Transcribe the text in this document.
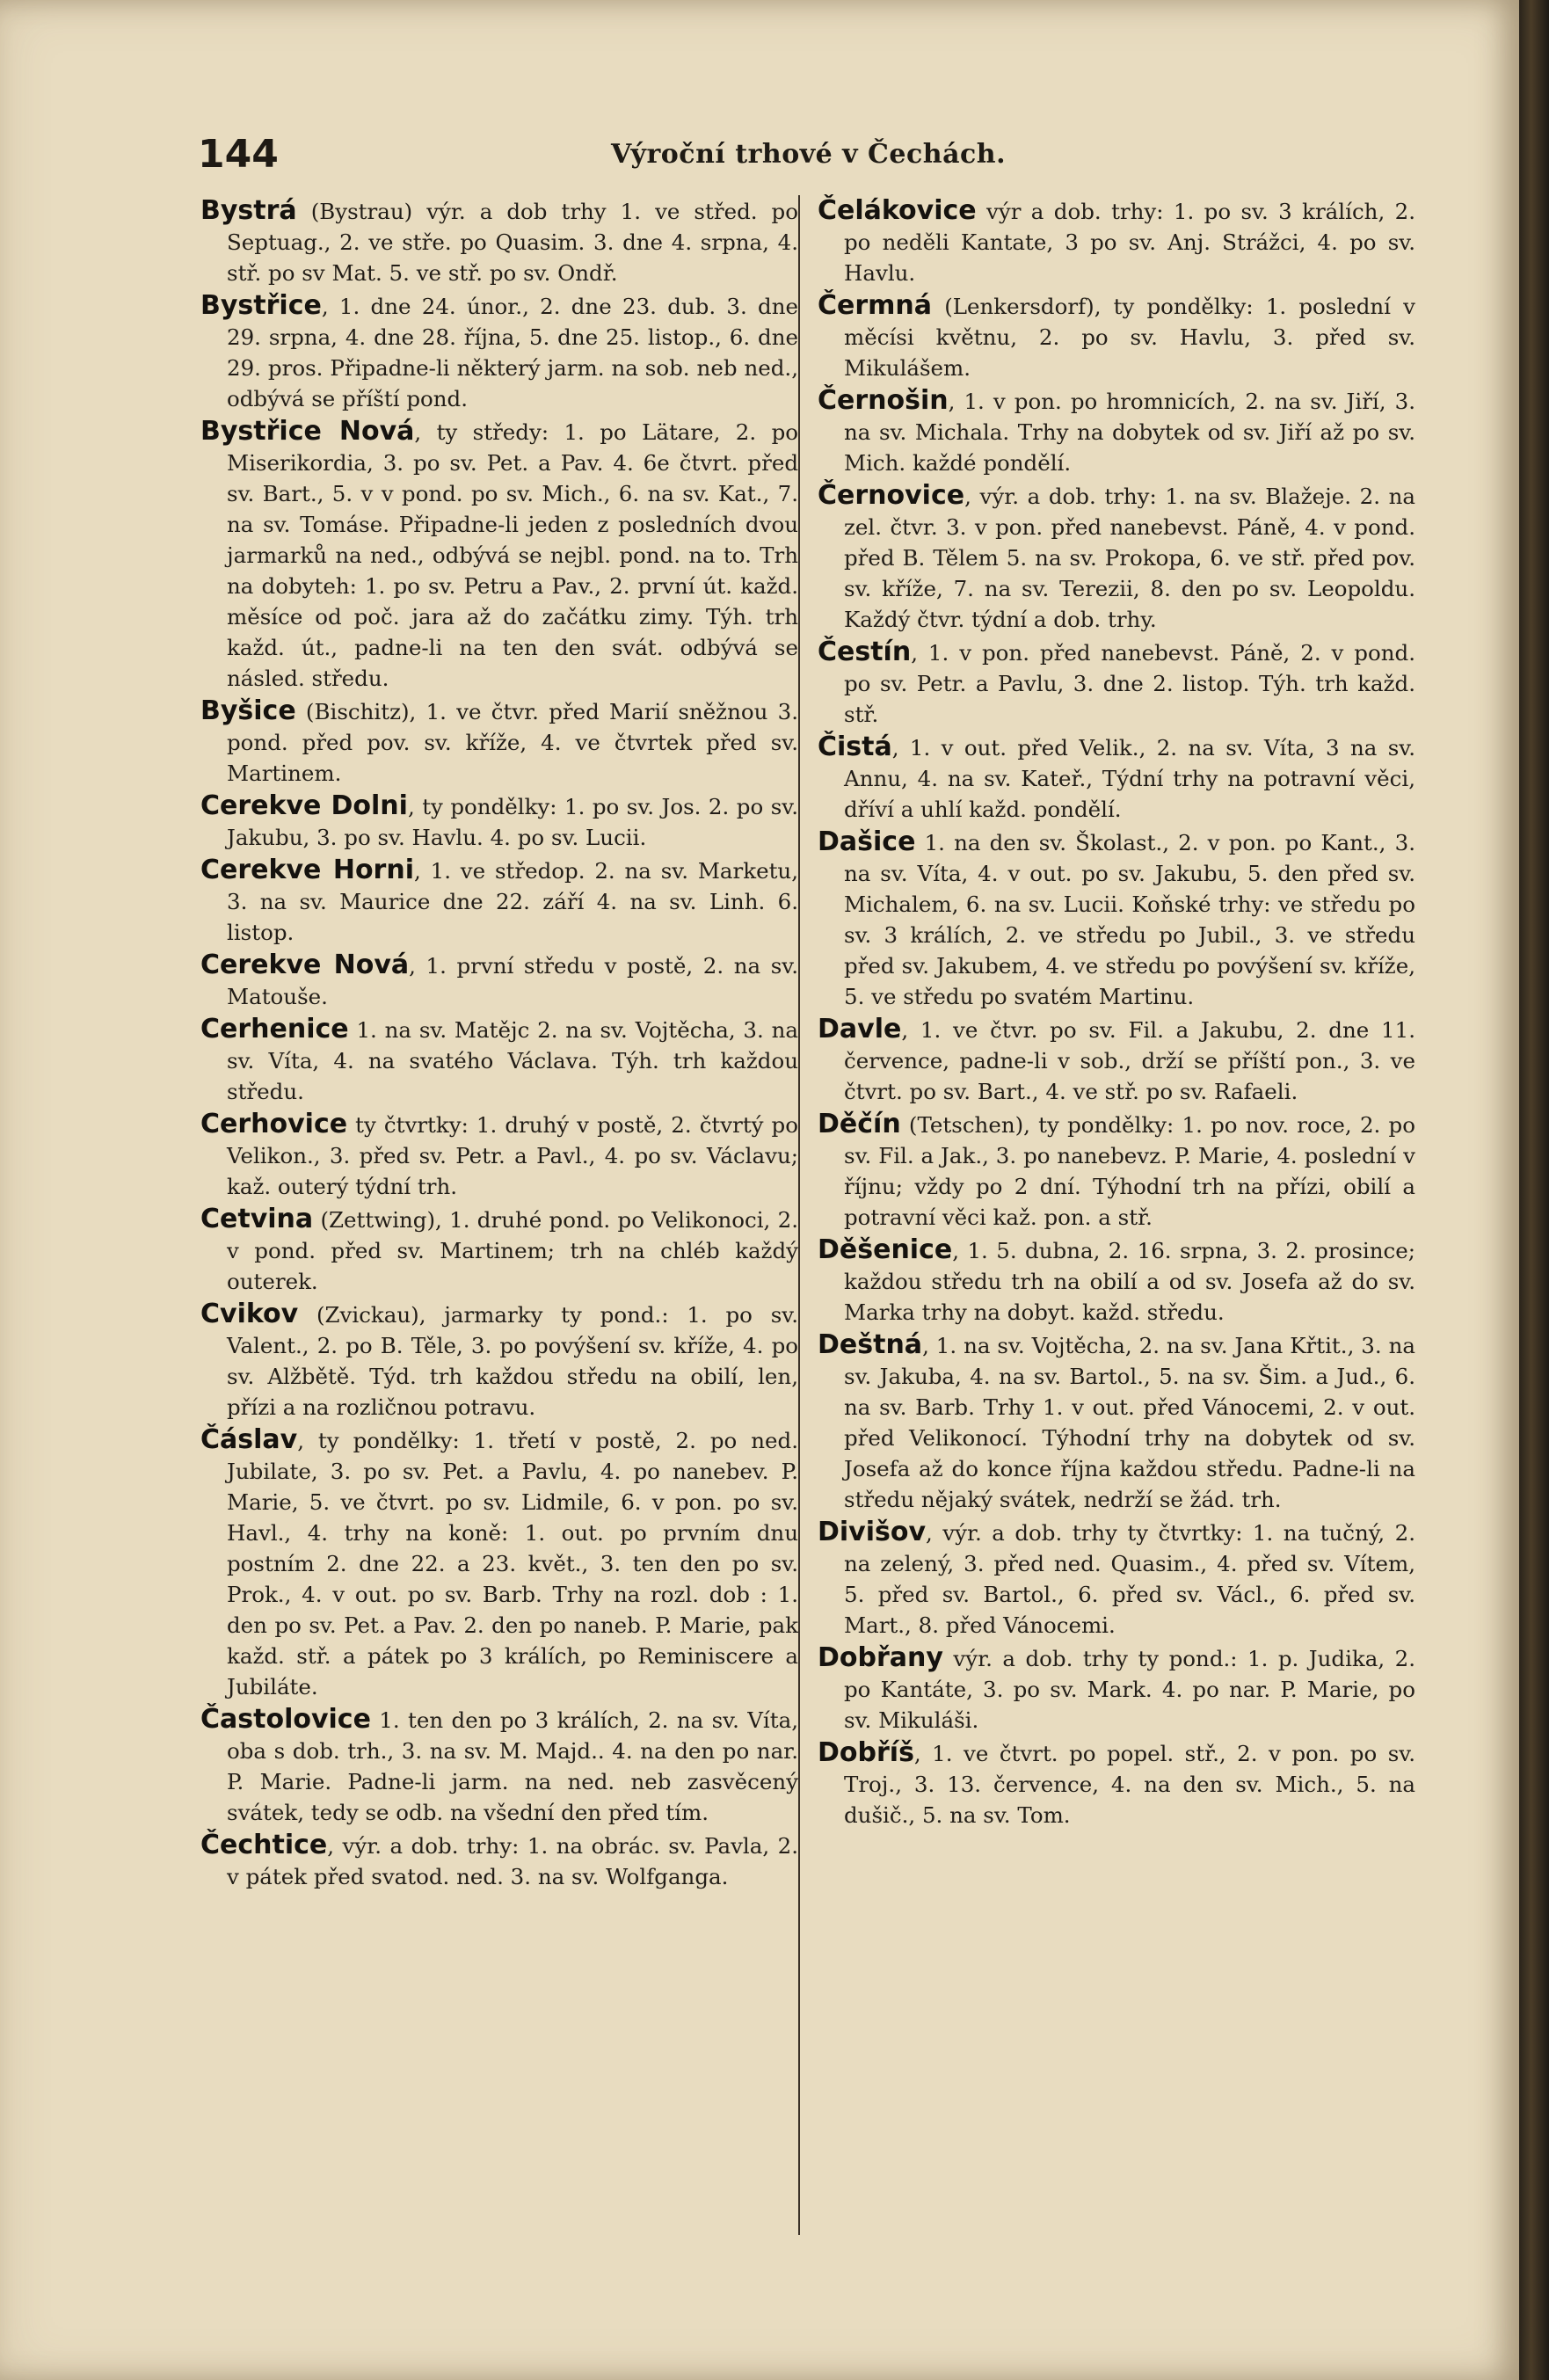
144	Výroční trhové v Čechách.

Bystrá (Bystrau) výr. a dob trhy 1. ve střed. po Septuag., 2. ve stře. po Quasim. 3. dne 4. srpna, 4. stř. po sv Mat. 5. ve stř. po sv. Ondř.

Bystřice, 1. dne 24. únor., 2. dne 23. dub. 3. dne 29. srpna, 4. dne 28. října, 5. dne 25. listop., 6. dne 29. pros. Připadne-li některý jarm. na sob. neb ned., odbývá se příští pond.

Bystřice Nová, ty středy: 1. po Lätare, 2. po Miserikordia, 3. po sv. Pet. a Pav. 4. 6e čtvrt. před sv. Bart., 5. v v pond. po sv. Mich., 6. na sv. Kat., 7. na sv. Tomáse. Připadne-li jeden z posledních dvou jarmarků na ned., odbývá se nejbl. pond. na to. Trh na dobyteh: 1. po sv. Petru a Pav., 2. první út. každ. měsíce od poč. jara až do začátku zimy. Týh. trh každ. út., padne-li na ten den svát. odbývá se násled. středu.

Byšice (Bischitz), 1. ve čtvr. před Marií sněžnou 3. pond. před pov. sv. kříže, 4. ve čtvrtek před sv. Martinem.

Cerekve Dolni, ty pondělky: 1. po sv. Jos. 2. po sv. Jakubu, 3. po sv. Havlu. 4. po sv. Lucii.

Cerekve Horni, 1. ve středop. 2. na sv. Marketu, 3. na sv. Maurice dne 22. září 4. na sv. Linh. 6. listop.

Cerekve Nová, 1. první středu v postě, 2. na sv. Matouše.

Cerhenice 1. na sv. Matějc 2. na sv. Vojtěcha, 3. na sv. Víta, 4. na svatého Václava. Týh. trh každou středu.

Cerhovice ty čtvrtky: 1. druhý v postě, 2. čtvrtý po Velikon., 3. před sv. Petr. a Pavl., 4. po sv. Václavu; kaž. outerý týdní trh.

Cetvina (Zettwing), 1. druhé pond. po Velikonoci, 2. v pond. před sv. Martinem; trh na chléb každý outerek.

Cvikov (Zvickau), jarmarky ty pond.: 1. po sv. Valent., 2. po B. Těle, 3. po povýšení sv. kříže, 4. po sv. Alžbětě. Týd. trh každou středu na obilí, len, přízi a na rozličnou potravu.

Čáslav, ty pondělky: 1. třetí v postě, 2. po ned. Jubilate, 3. po sv. Pet. a Pavlu, 4. po nanebev. P. Marie, 5. ve čtvrt. po sv. Lidmile, 6. v pon. po sv. Havl., 4. trhy na koně: 1. out. po prvním dnu postním 2. dne 22. a 23. květ., 3. ten den po sv. Prok., 4. v out. po sv. Barb. Trhy na rozl. dob : 1. den po sv. Pet. a Pav. 2. den po naneb. P. Marie, pak každ. stř. a pátek po 3 králích, po Reminiscere a Jubiláte.

Častolovice 1. ten den po 3 králích, 2. na sv. Víta, oba s dob. trh., 3. na sv. M. Majd.. 4. na den po nar. P. Marie. Padne-li jarm. na ned. neb zasvěcený svátek, tedy se odb. na všední den před tím.

Čechtice, výr. a dob. trhy: 1. na obrác. sv. Pavla, 2. v pátek před svatod. ned. 3. na sv. Wolfganga.

Čelákovice výr a dob. trhy: 1. po sv. 3 králích, 2. po neděli Kantate, 3 po sv. Anj. Strážci, 4. po sv. Havlu.

Čermná (Lenkersdorf), ty pondělky: 1. poslední v měcísi květnu, 2. po sv. Havlu, 3. před sv. Mikulášem.

Černošin, 1. v pon. po hromnicích, 2. na sv. Jiří, 3. na sv. Michala. Trhy na dobytek od sv. Jiří až po sv. Mich. každé pondělí.

Černovice, výr. a dob. trhy: 1. na sv. Blažeje. 2. na zel. čtvr. 3. v pon. před nanebevst. Páně, 4. v pond. před B. Tělem 5. na sv. Prokopa, 6. ve stř. před pov. sv. kříže, 7. na sv. Terezii, 8. den po sv. Leopoldu. Každý čtvr. týdní a dob. trhy.

Čestín, 1. v pon. před nanebevst. Páně, 2. v pond. po sv. Petr. a Pavlu, 3. dne 2. listop. Týh. trh každ. stř.

Čistá, 1. v out. před Velik., 2. na sv. Víta, 3 na sv. Annu, 4. na sv. Kateř., Týdní trhy na potravní věci, dříví a uhlí každ. pondělí.

Dašice 1. na den sv. Školast., 2. v pon. po Kant., 3. na sv. Víta, 4. v out. po sv. Jakubu, 5. den před sv. Michalem, 6. na sv. Lucii. Koňské trhy: ve středu po sv. 3 králích, 2. ve středu po Jubil., 3. ve středu před sv. Jakubem, 4. ve středu po povýšení sv. kříže, 5. ve středu po svatém Martinu.

Davle, 1. ve čtvr. po sv. Fil. a Jakubu, 2. dne 11. července, padne-li v sob., drží se příští pon., 3. ve čtvrt. po sv. Bart., 4. ve stř. po sv. Rafaeli.

Děčín (Tetschen), ty pondělky: 1. po nov. roce, 2. po sv. Fil. a Jak., 3. po nanebevz. P. Marie, 4. poslední v říjnu; vždy po 2 dní. Týhodní trh na přízi, obilí a potravní věci kaž. pon. a stř.

Děšenice, 1. 5. dubna, 2. 16. srpna, 3. 2. prosince; každou středu trh na obilí a od sv. Josefa až do sv. Marka trhy na dobyt. každ. středu.

Deštná, 1. na sv. Vojtěcha, 2. na sv. Jana Křtit., 3. na sv. Jakuba, 4. na sv. Bartol., 5. na sv. Šim. a Jud., 6. na sv. Barb. Trhy 1. v out. před Vánocemi, 2. v out. před Velikonocí. Týhodní trhy na dobytek od sv. Josefa až do konce října každou středu. Padne-li na středu nějaký svátek, nedrží se žád. trh.

Divišov, výr. a dob. trhy ty čtvrtky: 1. na tučný, 2. na zelený, 3. před ned. Quasim., 4. před sv. Vítem, 5. před sv. Bartol., 6. před sv. Václ., 6. před sv. Mart., 8. před Vánocemi.

Dobřany výr. a dob. trhy ty pond.: 1. p. Judika, 2. po Kantáte, 3. po sv. Mark. 4. po nar. P. Marie, po sv. Mikuláši.

Dobříš, 1. ve čtvrt. po popel. stř., 2. v pon. po sv. Troj., 3. 13. července, 4. na den sv. Mich., 5. na dušič., 5. na sv. Tom.
